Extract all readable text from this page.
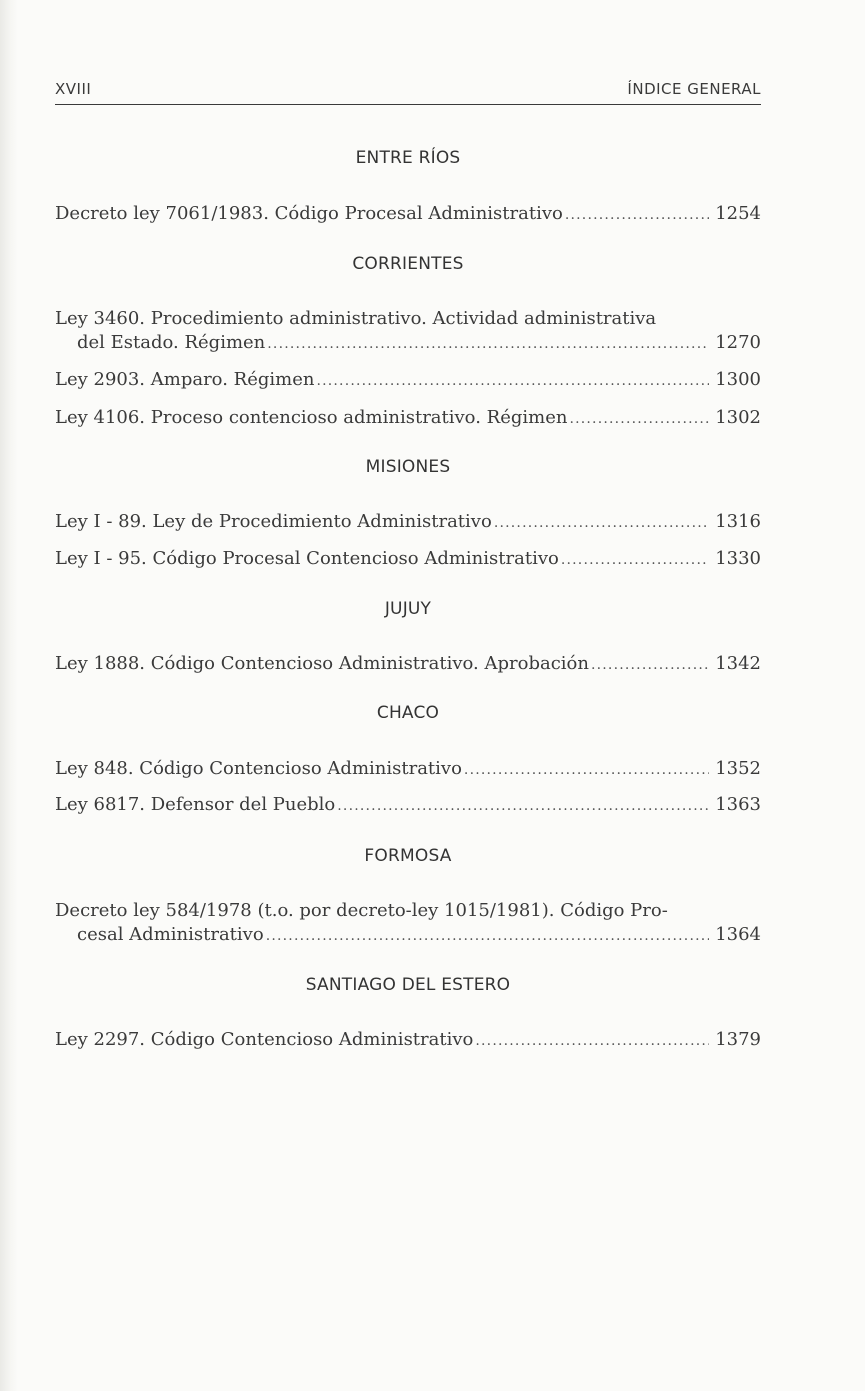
XVIII	ÍNDICE GENERAL
ENTRE RÍOS
Decreto ley 7061/1983. Código Procesal Administrativo .....	1254
CORRIENTES
Ley 3460. Procedimiento administrativo. Actividad administrativa
del Estado. Régimen .....	1270
Ley 2903. Amparo. Régimen .....	1300
Ley 4106. Proceso contencioso administrativo. Régimen .....	1302
MISIONES
Ley I - 89. Ley de Procedimiento Administrativo .....	1316
Ley I - 95. Código Procesal Contencioso Administrativo .....	1330
JUJUY
Ley 1888. Código Contencioso Administrativo. Aprobación .....	1342
CHACO
Ley 848. Código Contencioso Administrativo .....	1352
Ley 6817. Defensor del Pueblo .....	1363
FORMOSA
Decreto ley 584/1978 (t.o. por decreto-ley 1015/1981). Código Pro-
cesal Administrativo .....	1364
SANTIAGO DEL ESTERO
Ley 2297. Código Contencioso Administrativo .....	1379
